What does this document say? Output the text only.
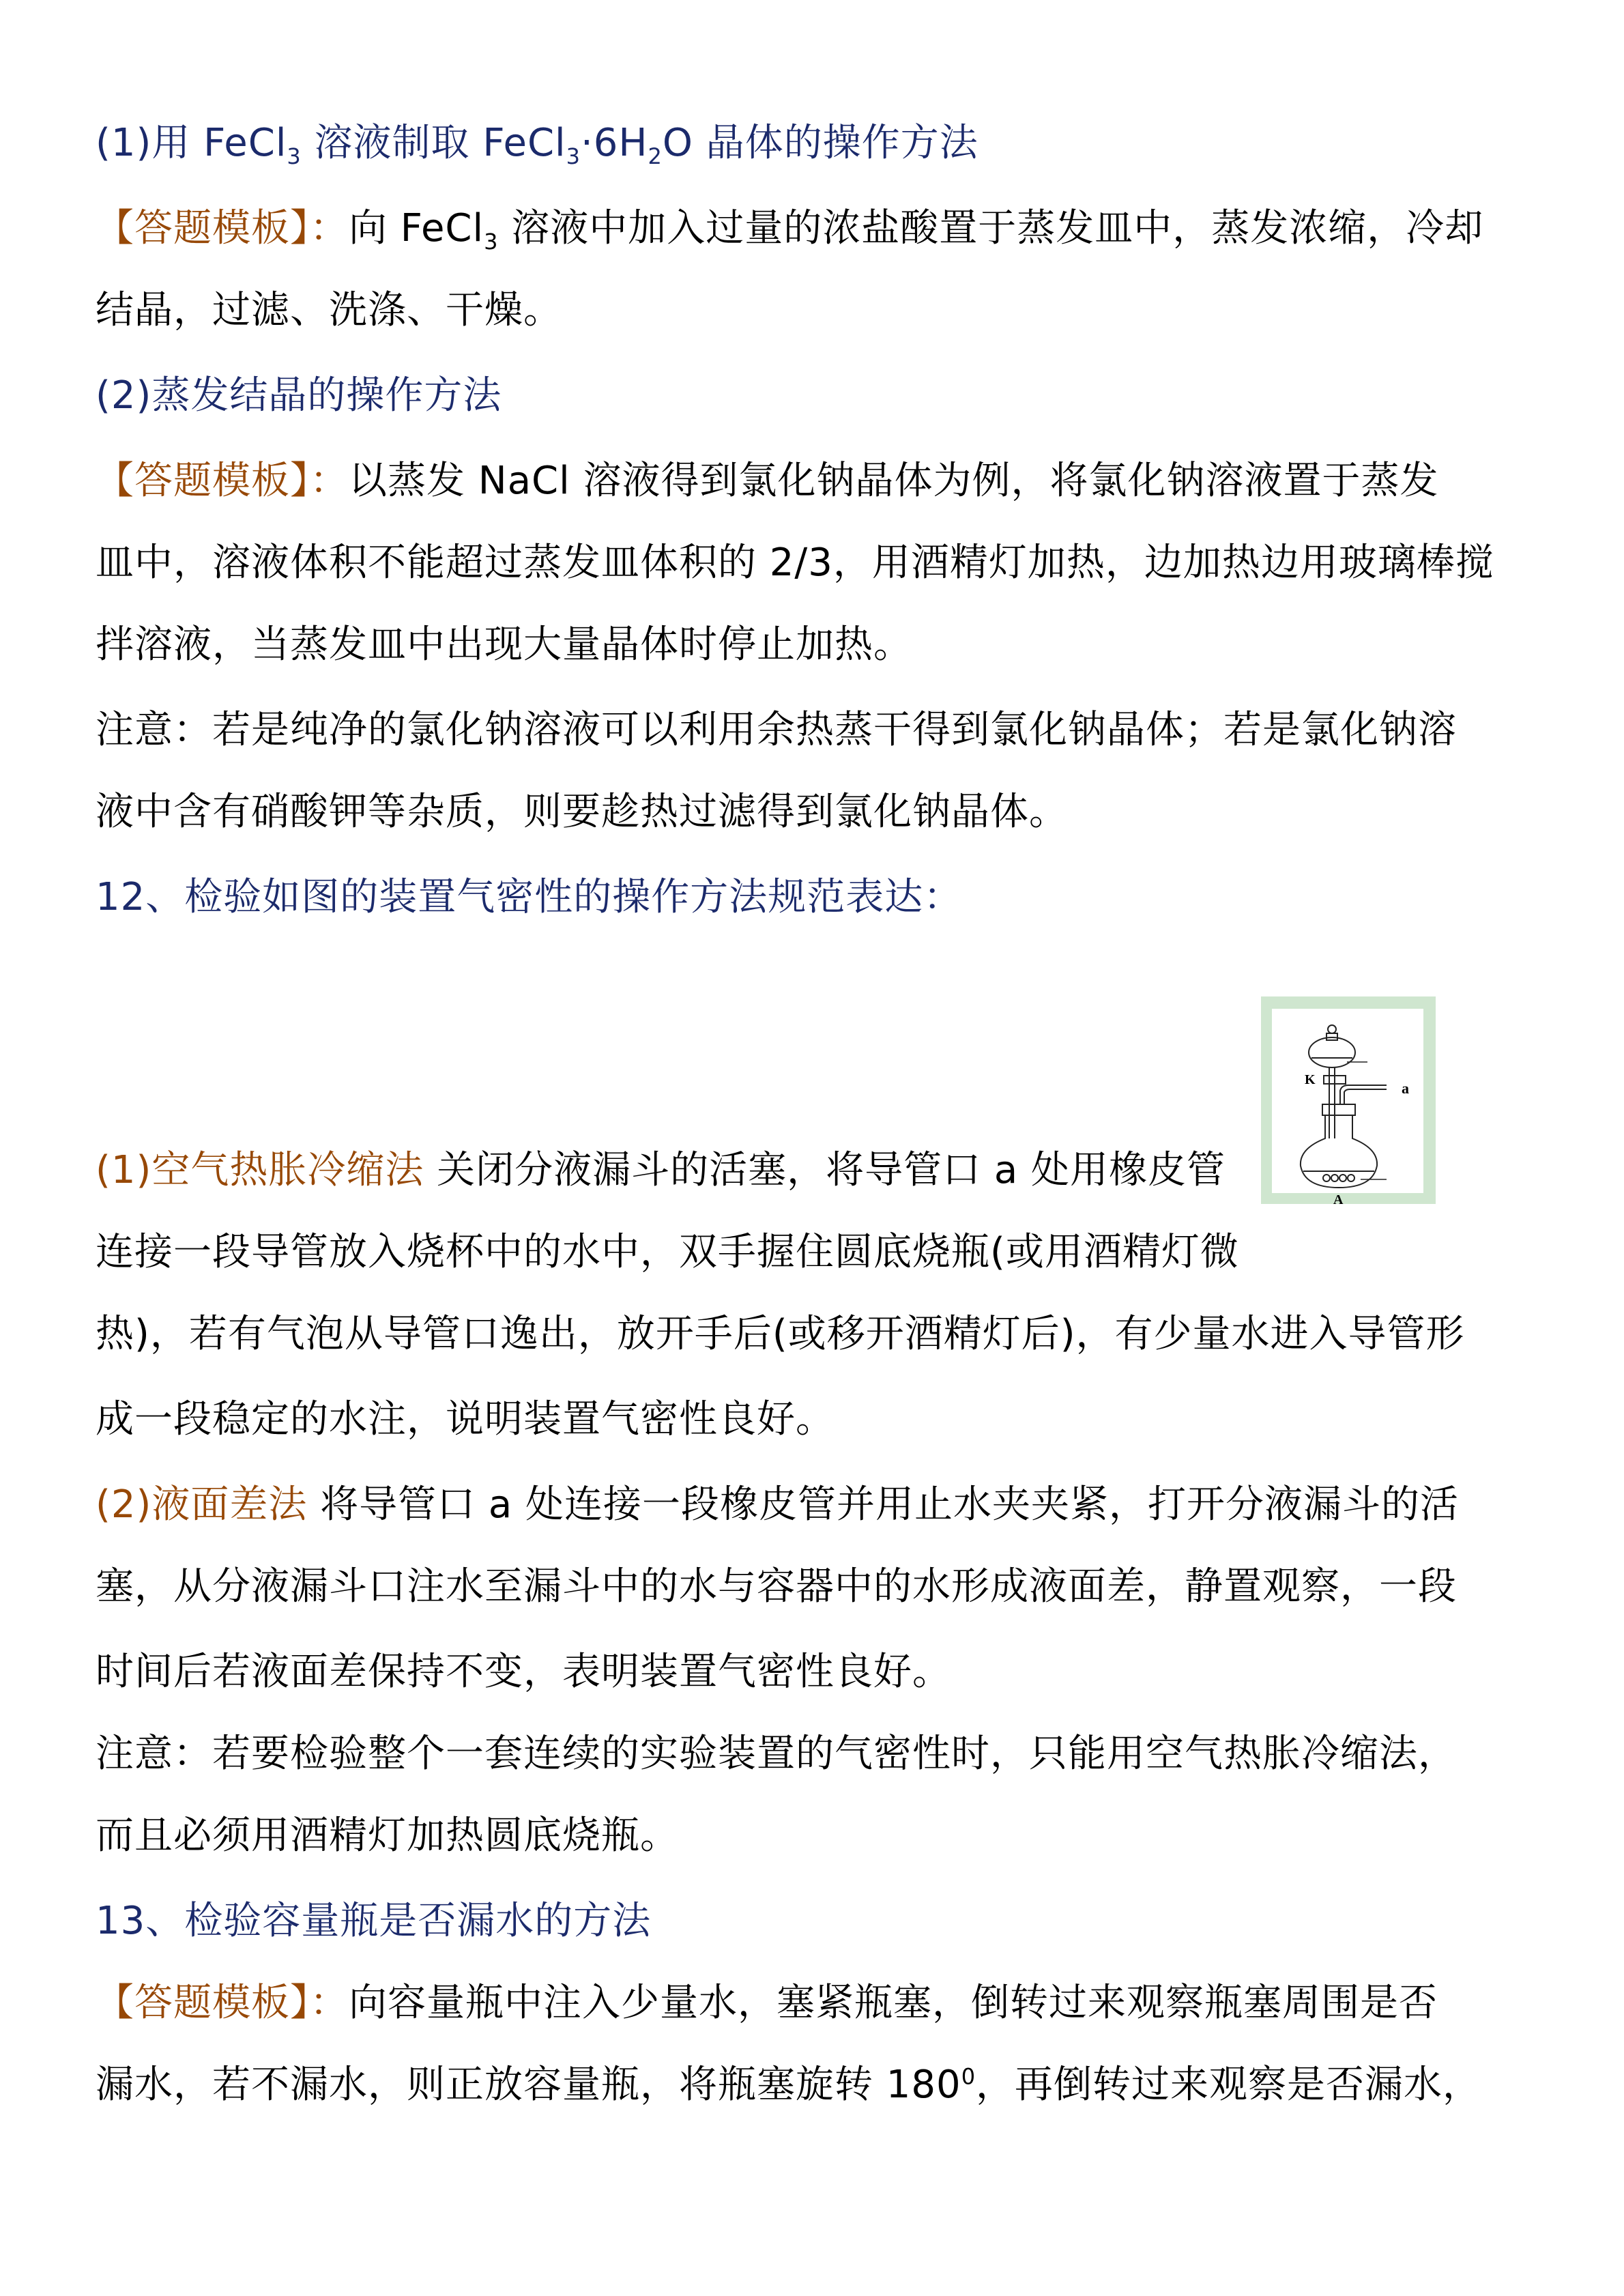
(1)用 FeCl$_3$ 溶液制取 $FeCl_3\cdot 6H_2O$ 晶体的操作方法
【答题模板】：向 FeCl$_3$ 溶液中加入过量的浓盐酸置于蒸发皿中，蒸发浓缩，冷却
结晶，过滤、洗涤、干燥。
(2)蒸发结晶的操作方法
【答题模板】：以蒸发 NaCl 溶液得到氯化钠晶体为例，将氯化钠溶液置于蒸发
皿中，溶液体积不能超过蒸发皿体积的 2/3，用酒精灯加热，边加热边用玻璃棒搅
拌溶液，当蒸发皿中出现大量晶体时停止加热。
注意：若是纯净的氯化钠溶液可以利用余热蒸干得到氯化钠晶体；若是氯化钠溶
液中含有硝酸钾等杂质，则要趁热过滤得到氯化钠晶体。
12、检验如图的装置气密性的操作方法规范表达：
K	a
A
(1)空气热胀冷缩法 关闭分液漏斗的活塞，将导管口 a 处用橡皮管
连接一段导管放入烧杯中的水中，双手握住圆底烧瓶(或用酒精灯微
热)，若有气泡从导管口逸出，放开手后(或移开酒精灯后)，有少量水进入导管形
成一段稳定的水注，说明装置气密性良好。
(2)液面差法 将导管口 a 处连接一段橡皮管并用止水夹夹紧，打开分液漏斗的活
塞，从分液漏斗口注水至漏斗中的水与容器中的水形成液面差，静置观察，一段
时间后若液面差保持不变，表明装置气密性良好。
注意：若要检验整个一套连续的实验装置的气密性时，只能用空气热胀冷缩法，
而且必须用酒精灯加热圆底烧瓶。
13、检验容量瓶是否漏水的方法
【答题模板】：向容量瓶中注入少量水，塞紧瓶塞，倒转过来观察瓶塞周围是否
漏水，若不漏水，则正放容量瓶，将瓶塞旋转 $180^0$，再倒转过来观察是否漏水，
